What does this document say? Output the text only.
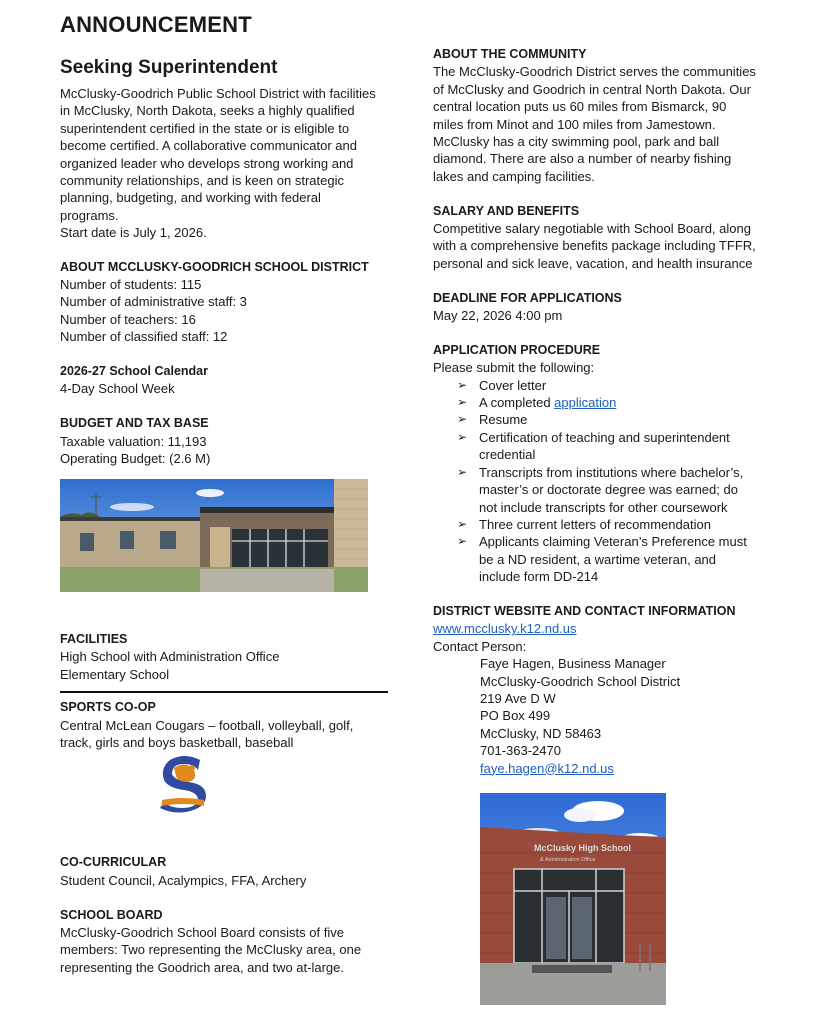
ANNOUNCEMENT
Seeking Superintendent
McClusky-Goodrich Public School District with facilities
in McClusky, North Dakota, seeks a highly qualified
superintendent certified in the state or is eligible to
become certified. A collaborative communicator and
organized leader who develops strong working and
community relationships, and is keen on strategic
planning, budgeting, and working with federal
programs.
Start date is July 1, 2026.
ABOUT MCCLUSKY-GOODRICH SCHOOL DISTRICT
Number of students: 115
Number of administrative staff: 3
Number of teachers: 16
Number of classified staff: 12
2026-27 School Calendar
4-Day School Week
BUDGET AND TAX BASE
Taxable valuation: 11,193
Operating Budget: (2.6 M)
FACILITIES
High School with Administration Office
Elementary School
SPORTS CO-OP
Central McLean Cougars – football, volleyball, golf,
track, girls and boys basketball, baseball
CO-CURRICULAR
Student Council, Acalympics, FFA, Archery
SCHOOL BOARD
McClusky-Goodrich School Board consists of five
members: Two representing the McClusky area, one
representing the Goodrich area, and two at-large.
ABOUT THE COMMUNITY
The McClusky-Goodrich District serves the communities
of McClusky and Goodrich in central North Dakota. Our
central location puts us 60 miles from Bismarck, 90
miles from Minot and 100 miles from Jamestown.
McClusky has a city swimming pool, park and ball
diamond. There are also a number of nearby fishing
lakes and camping facilities.
SALARY AND BENEFITS
Competitive salary negotiable with School Board, along
with a comprehensive benefits package including TFFR,
personal and sick leave, vacation, and health insurance
DEADLINE FOR APPLICATIONS
May 22, 2026 4:00 pm
APPLICATION PROCEDURE
Please submit the following:
➢ Cover letter
➢ A completed application
➢ Resume
➢ Certification of teaching and superintendent
credential
➢ Transcripts from institutions where bachelor’s,
master’s or doctorate degree was earned; do
not include transcripts for other coursework
➢ Three current letters of recommendation
➢ Applicants claiming Veteran’s Preference must
be a ND resident, a wartime veteran, and
include form DD-214
DISTRICT WEBSITE AND CONTACT INFORMATION
www.mcclusky.k12.nd.us
Contact Person:
Faye Hagen, Business Manager
McClusky-Goodrich School District
219 Ave D W
PO Box 499
McClusky, ND 58463
701-363-2470
faye.hagen@k12.nd.us
McClusky High School
& Administration Office
